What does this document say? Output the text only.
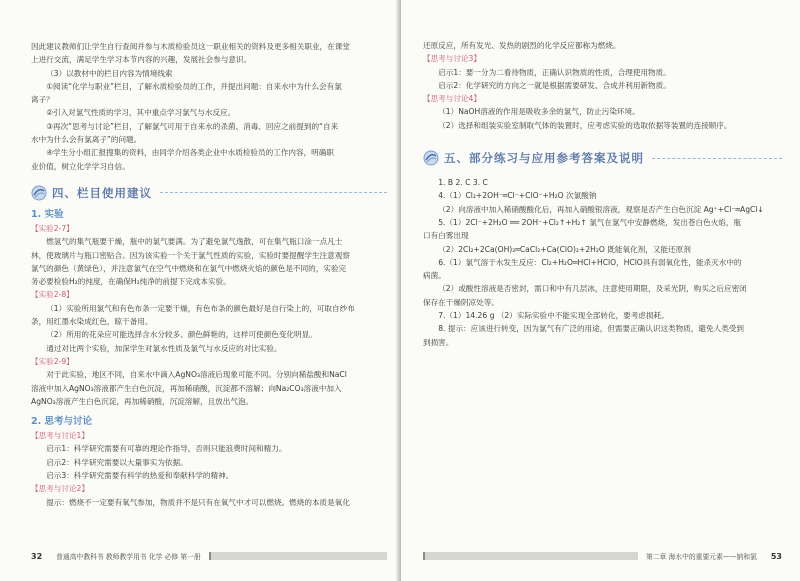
因此建议教师们让学生自行查阅并参与木质检验员这一职业相关的资料及更多相关职业，在课堂

上进行交流，满足学生学习本节内容的兴趣，发展社会参与意识。

（3）以教材中的栏目内容为情境线索

①阅读“化学与职业”栏目，了解水质检验员的工作，并提出问题：自来水中为什么会有氯

离子？

②引入对氯气性质的学习，其中重点学习氯气与水反应。

③再次“思考与讨论”栏目，了解氯气可用于自来水的杀菌、消毒、回应之前提到的“自来

水中为什么会有氯离子”的问题。

④学生分小组汇报搜集的资料，由同学介绍各类企业中水质检验员的工作内容，明确职

业价值，树立化学学习自信。

四、栏目使用建议
1. 实验

【实验2-7】

燃氢气的集气瓶要干燥，瓶中的氯气要满。为了避免氯气逸散，可在集气瓶口涂一点凡士

林，使玻璃片与瓶口密贴合。因为该实验一个关于氯气性质的实验，实验时要提醒学生注意观察

氯气的颜色（黄绿色），并注意氯气在空气中燃烧和在氯气中燃烧火焰的颜色是不同的，实验完

务必要检验H₂的纯度，在确保H₂纯净的前提下完成本实验。

【实验2-8】

（1）实验所用氯气和有色布条一定要干燥，有色布条的颜色最好是自行染上的，可取自纱布

条，用红墨水染成红色，晾干备用。

（2）所用的花朵应可能选择含水分较多、颜色鲜艳的，这样可使颜色变化明显。

通过对比两个实验，加深学生对氯水性质及氯气与水反应的对比实验。

【实验2-9】

对于此实验，地区不同，自来水中滴入AgNO₃溶液后现象可能不同。分别向稀盐酸和NaCl

溶液中加入AgNO₃溶液都产生白色沉淀，再加稀硝酸，沉淀都不溶解；向Na₂CO₃溶液中加入

AgNO₃溶液产生白色沉淀，再加稀硝酸，沉淀溶解，且放出气泡。

2. 思考与讨论

【思考与讨论1】

启示1：科学研究需要有可靠的理论作指导，否则只能浪费时间和精力。

启示2：科学研究需要以大量事实为依据。

启示3：科学研究需要有科学的热爱和奉献科学的精神。

【思考与讨论2】

提示：燃烧不一定要有氧气参加，物质并不是只有在氧气中才可以燃烧。燃烧的本质是氧化

32 普通高中教科书 教师教学用书 化学 必修 第一册

还原反应，所有发光、发热的剧烈的化学反应都称为燃烧。

【思考与讨论3】

启示1：要一分为二看待物质，正确认识物质的性质，合理使用物质。

启示2：化学研究的方向之一就是根据需要研发、合成并利用新物质。

【思考与讨论4】

（1）NaOH溶液的作用是吸收多余的氯气，防止污染环境。

（2）选择和组装实验室制取气体的装置时，应考虑实验的选取依据等装置的连接顺序。

五、部分练习与应用参考答案及说明

1. B 2. C 3. C

4.（1）Cl₂+2OH⁻═Cl⁻+ClO⁻+H₂O 次氯酸钠

（2）向溶液中加入稀硝酸酸化后，再加入硝酸银溶液，观察是否产生白色沉淀 Ag⁺+Cl⁻═AgCl↓

5.（1）2Cl⁻+2H₂O ══ 2OH⁻+Cl₂↑+H₂↑ 氯气在氯气中安静燃烧，发出苍白色火焰，瓶

口有白雾出现

（2）2Cl₂+2Ca(OH)₂═CaCl₂+Ca(ClO)₂+2H₂O 既能氧化剂，又能还原剂

6.（1）氯气溶于水发生反应：Cl₂+H₂O═HCl+HClO，HClO具有弱氧化性，能杀灭水中的

病菌。

（2）或酸性溶液是否密封，需口和中有几层冰，注意使用期限，及采光阴，购买之后应密闭

保存在干燥阴凉处等。

7.（1）14.26 g （2）实际实验中不能实现全部转化，要考虑损耗。

8. 提示：应该进行转变，因为氯气有广泛的用途，但需要正确认识这类物质，避免人类受到

到损害。

第二章 海水中的重要元素——钠和氯 53
